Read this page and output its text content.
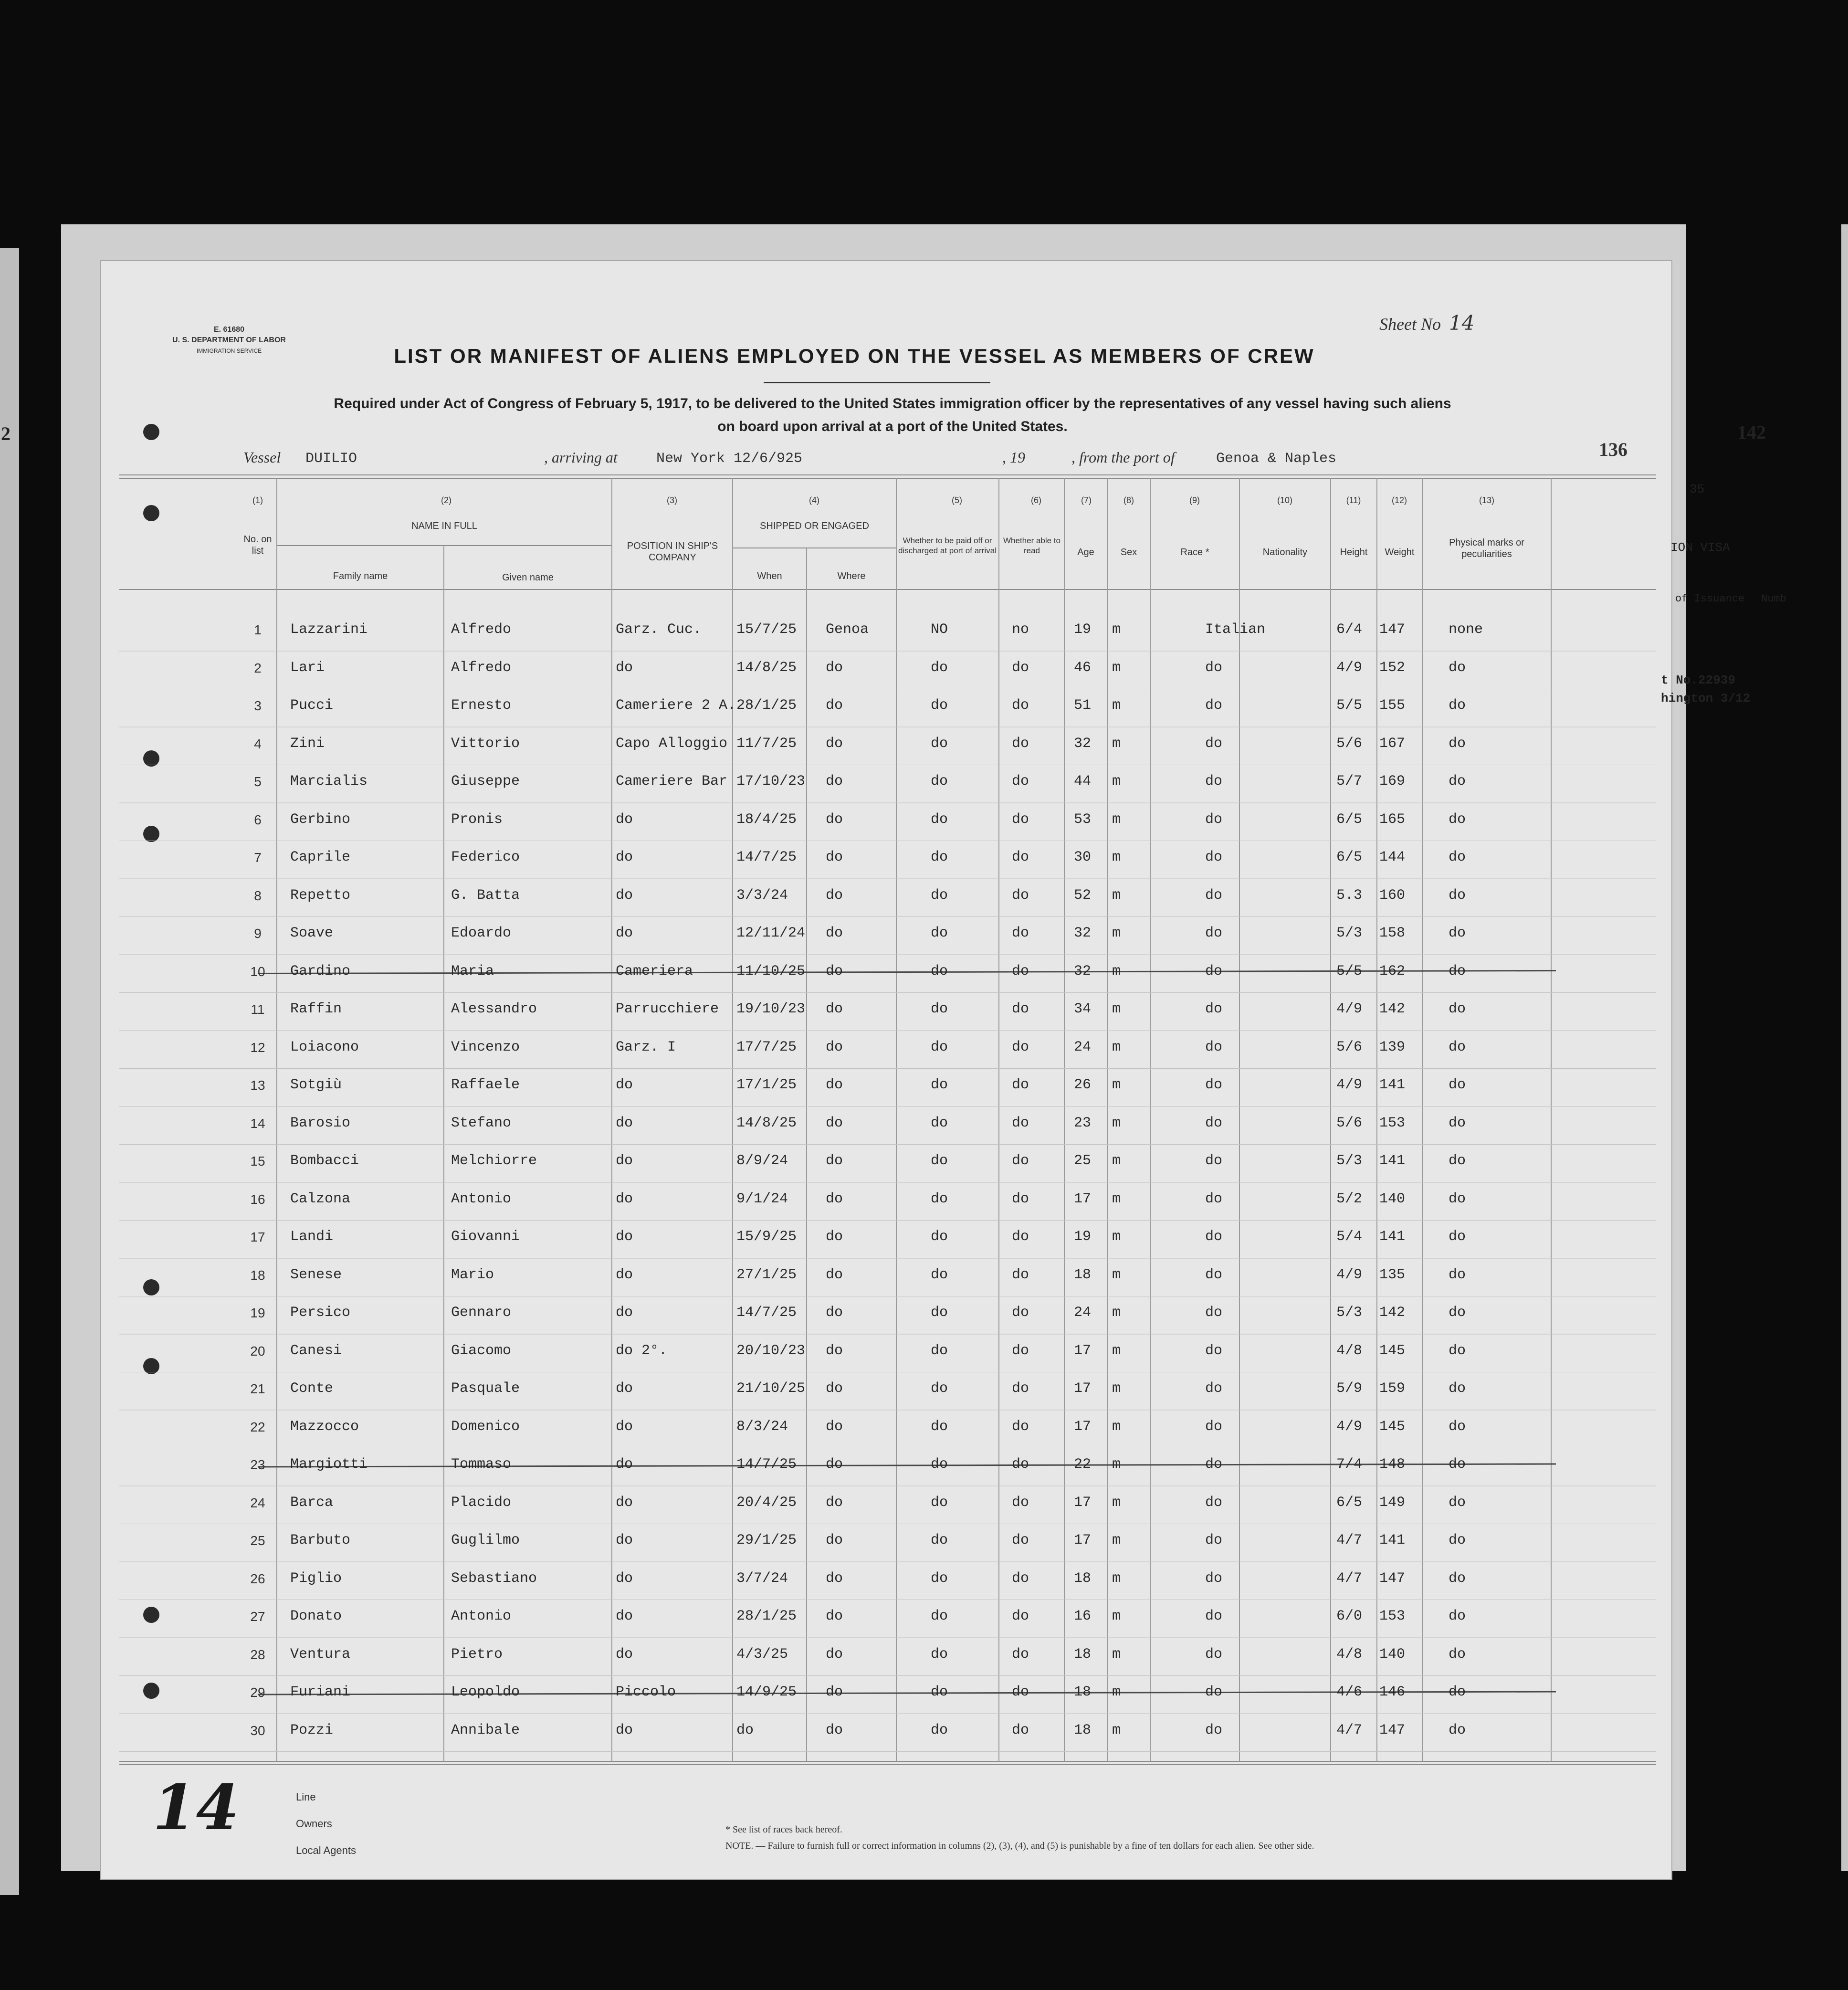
2	142
35
ION VISA
of Issuance Numb
t No.22939
hington 3/12
E. 61680
U. S. DEPARTMENT OF LABOR
IMMIGRATION SERVICE
Sheet No 14
LIST OR MANIFEST OF ALIENS EMPLOYED ON THE VESSEL AS MEMBERS OF CREW
Required under Act of Congress of February 5, 1917, to be delivered to the United States immigration officer by the representatives of any vessel having such aliens
on board upon arrival at a port of the United States.
136
Vessel DUILIO	, arriving at	New York 12/6/925	, 19	, from the port of	Genoa & Naples
(1)	(2)	(3)	(4)	(5)	(6)	(7)	(8)	(9)	(10)	(11)	(12)	(13)
No. on list
NAME IN FULL
Family name	Given name
POSITION IN SHIP'S COMPANY
SHIPPED OR ENGAGED
When	Where
Whether to be paid off or discharged at port of arrival
Whether able to read	Age	Sex	Race *	Nationality	Height	Weight
Physical marks or peculiarities
1	Lazzarini	Alfredo	Garz. Cuc. 15/7/25 Genoa	NO	no	19 m	Italian	6/4 147	none
2	Lari	Alfredo	do	14/8/25 do	do	do	46 m	do	4/9 152	do
3	Pucci	Ernesto	Cameriere 2 A. 28/1/25 do	do	do	51 m	do	5/5 155	do
4	Zini	Vittorio	Capo Alloggio 11/7/25 do	do	do	32 m	do	5/6 167	do
5	Marcialis	Giuseppe	Cameriere Bar 17/10/23 do	do	do	44 m	do	5/7 169	do
6	Gerbino	Pronis	do	18/4/25 do	do	do	53 m	do	6/5 165	do
7	Caprile	Federico	do	14/7/25 do	do	do	30 m	do	6/5 144	do
8	Repetto	G. Batta	do	3/3/24	do	do	do	52 m	do	5.3 160	do
9	Soave	Edoardo	do	12/11/24 do	do	do	32 m	do	5/3 158	do
10	Gardino	Maria	Cameriera	11/10/25 do	do	do	32 m	do	5/5 162	do
11	Raffin	Alessandro	Parrucchiere 19/10/23 do	do	do	34 m	do	4/9 142	do
12	Loiacono	Vincenzo	Garz. I	17/7/25 do	do	do	24 m	do	5/6 139	do
13	Sotgiù	Raffaele	do	17/1/25 do	do	do	26 m	do	4/9 141	do
14	Barosio	Stefano	do	14/8/25 do	do	do	23 m	do	5/6 153	do
15	Bombacci	Melchiorre	do	8/9/24	do	do	do	25 m	do	5/3 141	do
16	Calzona	Antonio	do	9/1/24	do	do	do	17 m	do	5/2 140	do
17	Landi	Giovanni	do	15/9/25 do	do	do	19 m	do	5/4 141	do
18	Senese	Mario	do	27/1/25 do	do	do	18 m	do	4/9 135	do
19	Persico	Gennaro	do	14/7/25 do	do	do	24 m	do	5/3 142	do
20	Canesi	Giacomo	do 2°.	20/10/23 do	do	do	17 m	do	4/8 145	do
21	Conte	Pasquale	do	21/10/25 do	do	do	17 m	do	5/9 159	do
22	Mazzocco	Domenico	do	8/3/24	do	do	do	17 m	do	4/9 145	do
23	Margiotti	Tommaso	do	14/7/25 do	do	do	22 m	do	7/4 148	do
24	Barca	Placido	do	20/4/25 do	do	do	17 m	do	6/5 149	do
25	Barbuto	Guglilmo	do	29/1/25 do	do	do	17 m	do	4/7 141	do
26	Piglio	Sebastiano	do	3/7/24	do	do	do	18 m	do	4/7 147	do
27	Donato	Antonio	do	28/1/25 do	do	do	16 m	do	6/0 153	do
28	Ventura	Pietro	do	4/3/25	do	do	do	18 m	do	4/8 140	do
29	Furiani	Leopoldo	Piccolo	14/9/25 do	do	do	18 m	do	4/6 146	do
30	Pozzi	Annibale	do	do	do	do	do	18 m	do	4/7 147	do
14	Line
Owners
Local Agents
* See list of races back hereof.
NOTE. — Failure to furnish full or correct information in columns (2), (3), (4), and (5) is punishable by a fine of ten dollars for each alien. See other side.
